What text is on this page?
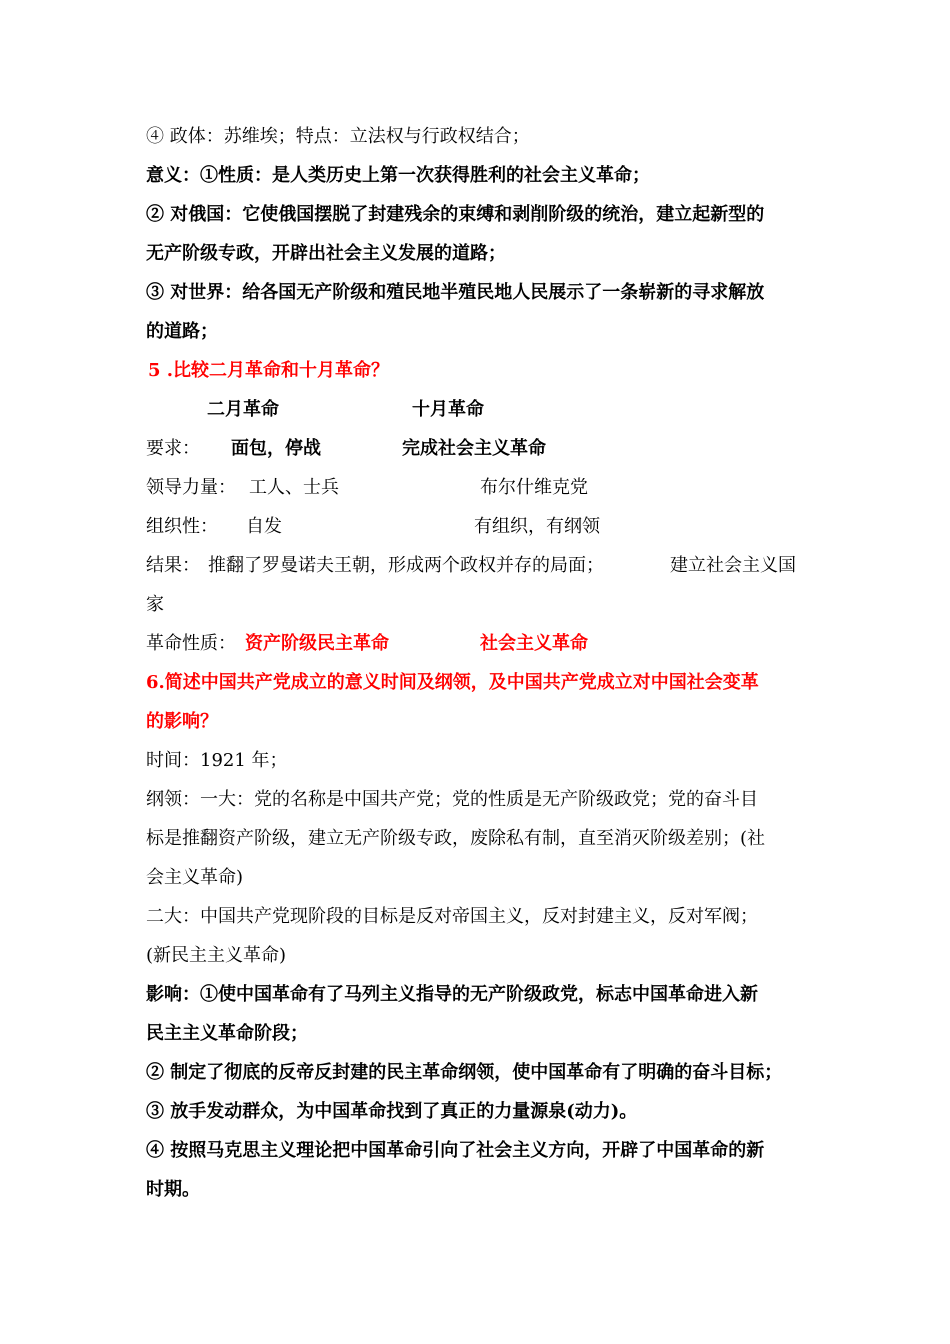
④ 政体：苏维埃；特点：立法权与行政权结合；
意义：①性质：是人类历史上第一次获得胜利的社会主义革命；
② 对俄国：它使俄国摆脱了封建残余的束缚和剥削阶级的统治，建立起新型的
无产阶级专政，开辟出社会主义发展的道路；
③ 对世界：给各国无产阶级和殖民地半殖民地人民展示了一条崭新的寻求解放
的道路；
5 .比较二月革命和十月革命？
二月革命	十月革命
要求： 面包，停战	完成社会主义革命
领导力量： 工人、士兵	布尔什维克党
组织性： 自发	有组织，有纲领
结果： 推翻了罗曼诺夫王朝，形成两个政权并存的局面；	建立社会主义国
家
革命性质： 资产阶级民主革命	社会主义革命
6.简述中国共产党成立的意义时间及纲领，及中国共产党成立对中国社会变革
的影响？
时间：1921 年；
纲领：一大：党的名称是中国共产党；党的性质是无产阶级政党；党的奋斗目
标是推翻资产阶级，建立无产阶级专政，废除私有制，直至消灭阶级差别；(社
会主义革命)
二大：中国共产党现阶段的目标是反对帝国主义，反对封建主义，反对军阀；
(新民主主义革命)
影响：①使中国革命有了马列主义指导的无产阶级政党，标志中国革命进入新
民主主义革命阶段；
② 制定了彻底的反帝反封建的民主革命纲领，使中国革命有了明确的奋斗目标；
③ 放手发动群众，为中国革命找到了真正的力量源泉(动力)。
④ 按照马克思主义理论把中国革命引向了社会主义方向，开辟了中国革命的新
时期。
